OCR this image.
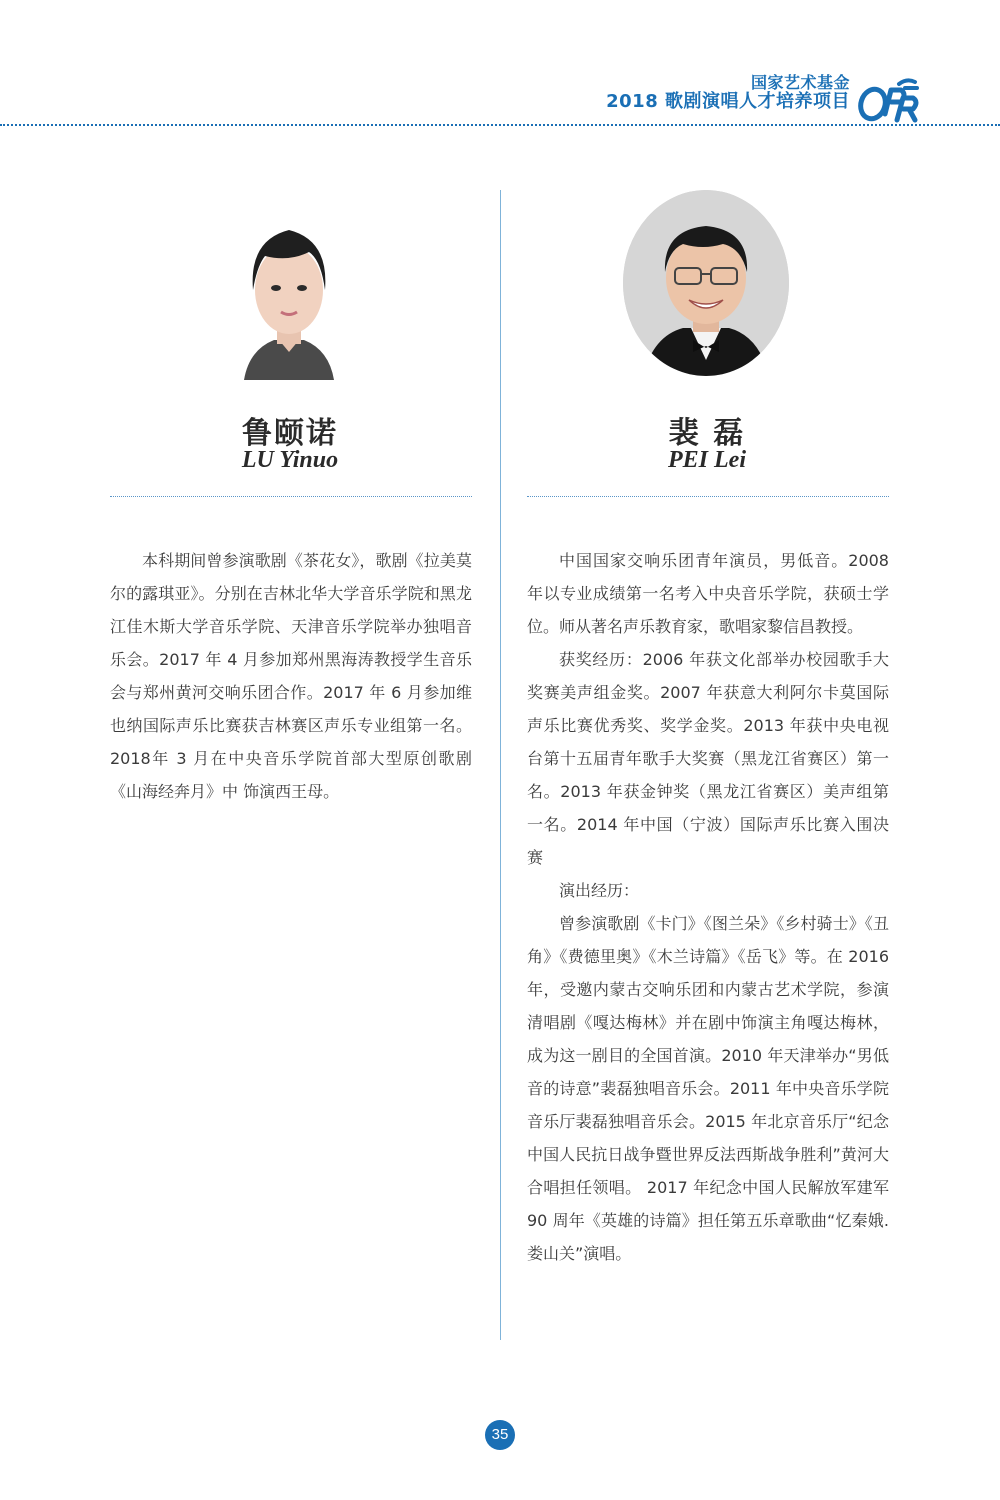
国家艺术基金
2018 歌剧演唱人才培养项目
鲁颐诺
LU Yinuo

本科期间曾参演歌剧《茶花女》，歌剧《拉美莫尔的露琪亚》。分别在吉林北华大学音乐学院和黑龙江佳木斯大学音乐学院、天津音乐学院举办独唱音乐会。2017 年 4 月参加郑州黑海涛教授学生音乐会与郑州黄河交响乐团合作。2017 年 6 月参加维也纳国际声乐比赛获吉林赛区声乐专业组第一名。 2018年 3 月在中央音乐学院首部大型原创歌剧《山海经奔月》中 饰演西王母。

裴 磊
PEI Lei

中国国家交响乐团青年演员，男低音。2008 年以专业成绩第一名考入中央音乐学院，获硕士学位。师从著名声乐教育家，歌唱家黎信昌教授。

获奖经历：2006 年获文化部举办校园歌手大奖赛美声组金奖。2007 年获意大利阿尔卡莫国际声乐比赛优秀奖、奖学金奖。2013 年获中央电视台第十五届青年歌手大奖赛（黑龙江省赛区）第一名。2013 年获金钟奖（黑龙江省赛区）美声组第一名。2014 年中国（宁波）国际声乐比赛入围决赛

演出经历：

曾参演歌剧《卡门》《图兰朵》《乡村骑士》《丑角》《费德里奥》《木兰诗篇》《岳飞》等。在 2016 年，受邀内蒙古交响乐团和内蒙古艺术学院，参演清唱剧《嘎达梅林》并在剧中饰演主角嘎达梅林，成为这一剧目的全国首演。2010 年天津举办“男低音的诗意”裴磊独唱音乐会。2011 年中央音乐学院音乐厅裴磊独唱音乐会。2015 年北京音乐厅“纪念中国人民抗日战争暨世界反法西斯战争胜利”黄河大合唱担任领唱。 2017 年纪念中国人民解放军建军 90 周年《英雄的诗篇》担任第五乐章歌曲“忆秦娥.娄山关”演唱。

35
